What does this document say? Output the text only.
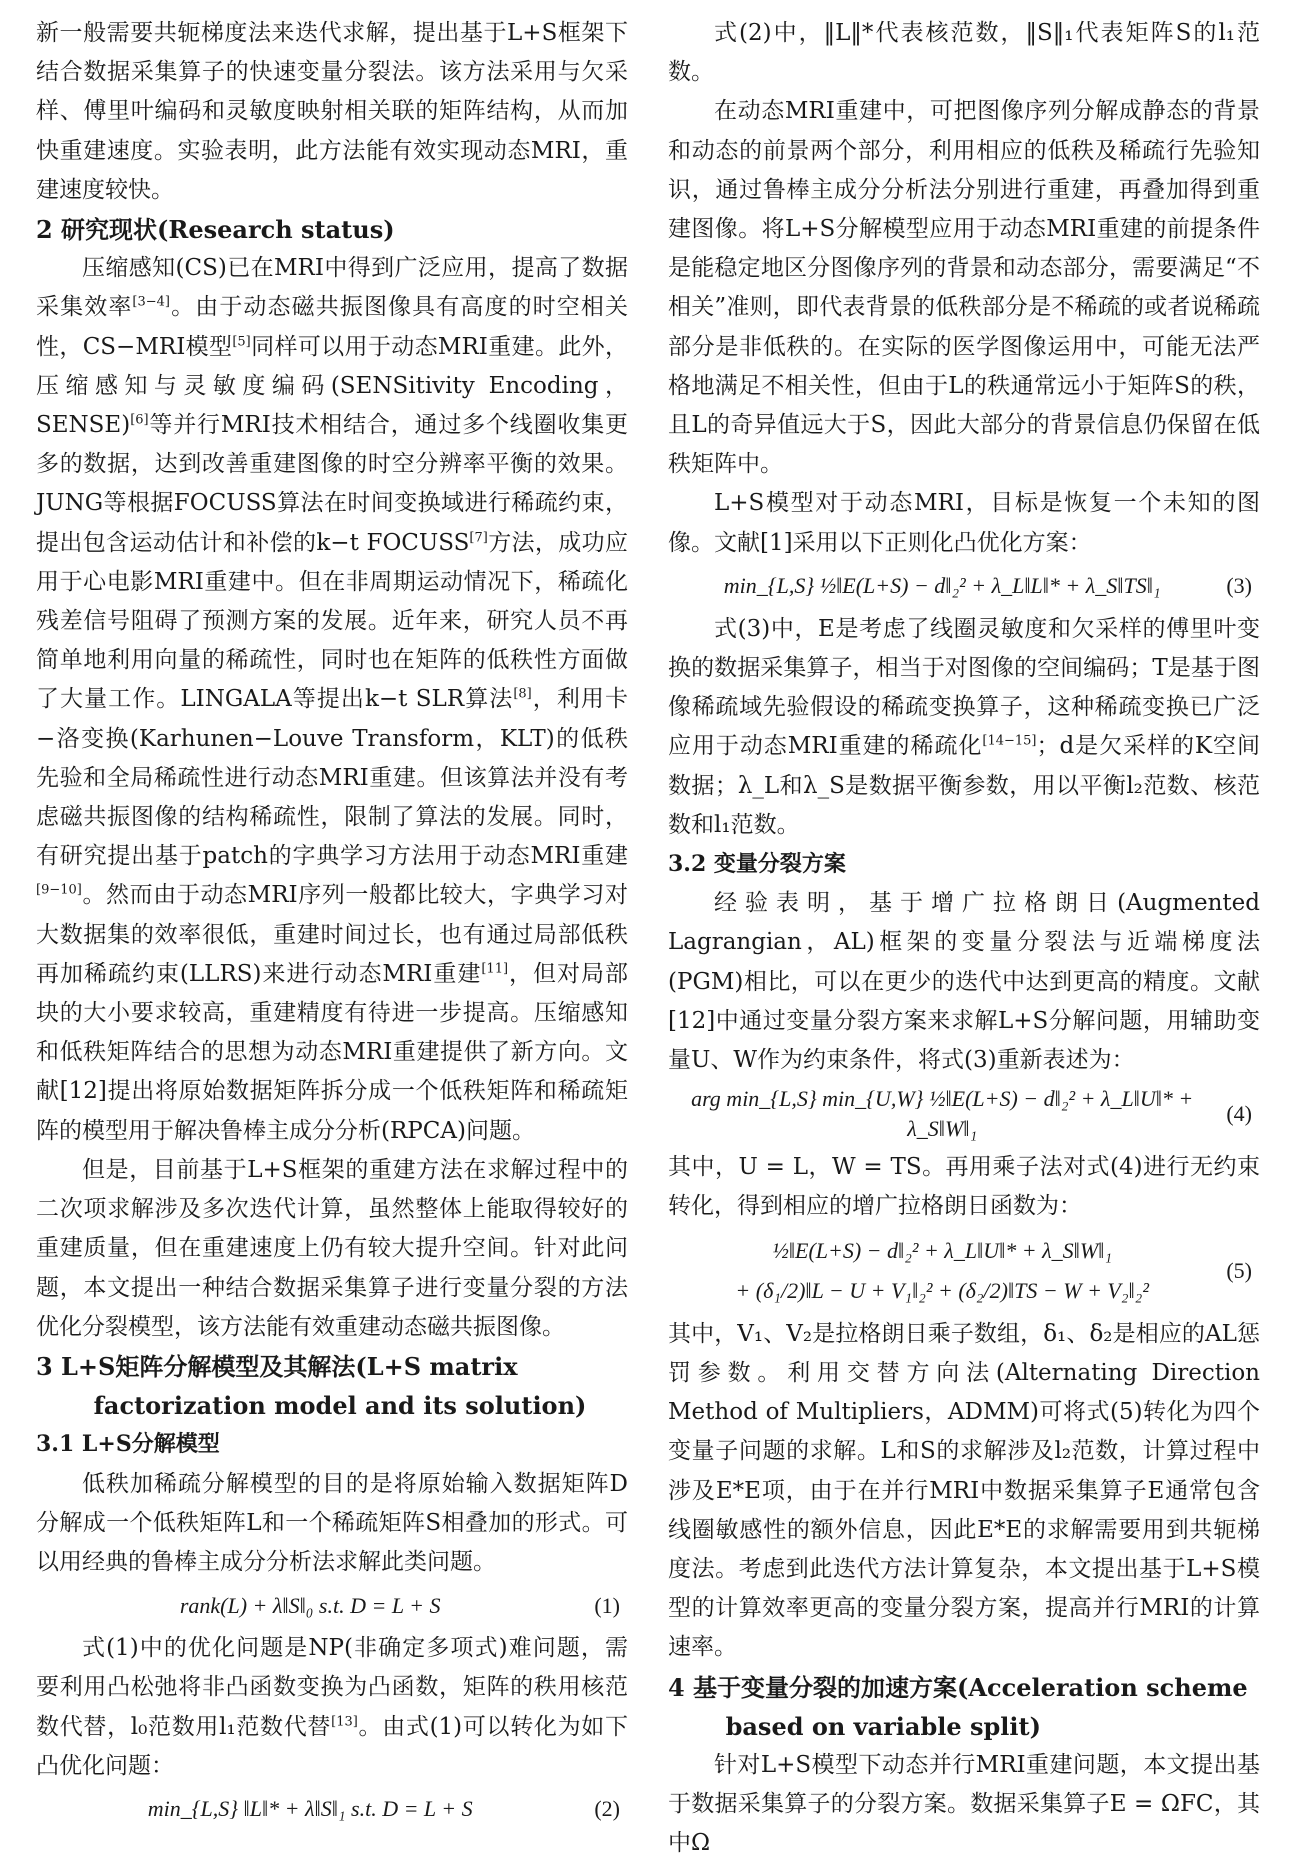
新一般需要共轭梯度法来迭代求解，提出基于L+S框架下结合数据采集算子的快速变量分裂法。该方法采用与欠采样、傅里叶编码和灵敏度映射相关联的矩阵结构，从而加快重建速度。实验表明，此方法能有效实现动态MRI，重建速度较快。

2 研究现状(Research status)

压缩感知(CS)已在MRI中得到广泛应用，提高了数据采集效率[3−4]。由于动态磁共振图像具有高度的时空相关性，CS−MRI模型[5]同样可以用于动态MRI重建。此外，压缩感知与灵敏度编码(SENSitivity Encoding，SENSE)[6]等并行MRI技术相结合，通过多个线圈收集更多的数据，达到改善重建图像的时空分辨率平衡的效果。JUNG等根据FOCUSS算法在时间变换域进行稀疏约束，提出包含运动估计和补偿的k−t FOCUSS[7]方法，成功应用于心电影MRI重建中。但在非周期运动情况下，稀疏化残差信号阻碍了预测方案的发展。近年来，研究人员不再简单地利用向量的稀疏性，同时也在矩阵的低秩性方面做了大量工作。LINGALA等提出k−t SLR算法[8]，利用卡−洛变换(Karhunen−Louve Transform，KLT)的低秩先验和全局稀疏性进行动态MRI重建。但该算法并没有考虑磁共振图像的结构稀疏性，限制了算法的发展。同时，有研究提出基于patch的字典学习方法用于动态MRI重建[9−10]。然而由于动态MRI序列一般都比较大，字典学习对大数据集的效率很低，重建时间过长，也有通过局部低秩再加稀疏约束(LLRS)来进行动态MRI重建[11]，但对局部块的大小要求较高，重建精度有待进一步提高。压缩感知和低秩矩阵结合的思想为动态MRI重建提供了新方向。文献[12]提出将原始数据矩阵拆分成一个低秩矩阵和稀疏矩阵的模型用于解决鲁棒主成分分析(RPCA)问题。

但是，目前基于L+S框架的重建方法在求解过程中的二次项求解涉及多次迭代计算，虽然整体上能取得较好的重建质量，但在重建速度上仍有较大提升空间。针对此问题，本文提出一种结合数据采集算子进行变量分裂的方法优化分裂模型，该方法能有效重建动态磁共振图像。

3 L+S矩阵分解模型及其解法(L+S matrix factorization model and its solution)
3.1 L+S分解模型

低秩加稀疏分解模型的目的是将原始输入数据矩阵D分解成一个低秩矩阵L和一个稀疏矩阵S相叠加的形式。可以用经典的鲁棒主成分分析法求解此类问题。

rank(L) + λ‖S‖₀ s.t. D = L + S	(1)

式(1)中的优化问题是NP(非确定多项式)难问题，需要利用凸松弛将非凸函数变换为凸函数，矩阵的秩用核范数代替，l₀范数用l₁范数代替[13]。由式(1)可以转化为如下凸优化问题：

min_{L,S} ‖L‖* + λ‖S‖₁ s.t. D = L + S	(2)

式(2)中，‖L‖*代表核范数，‖S‖₁代表矩阵S的l₁范数。

在动态MRI重建中，可把图像序列分解成静态的背景和动态的前景两个部分，利用相应的低秩及稀疏行先验知识，通过鲁棒主成分分析法分别进行重建，再叠加得到重建图像。将L+S分解模型应用于动态MRI重建的前提条件是能稳定地区分图像序列的背景和动态部分，需要满足“不相关”准则，即代表背景的低秩部分是不稀疏的或者说稀疏部分是非低秩的。在实际的医学图像运用中，可能无法严格地满足不相关性，但由于L的秩通常远小于矩阵S的秩，且L的奇异值远大于S，因此大部分的背景信息仍保留在低秩矩阵中。

L+S模型对于动态MRI，目标是恢复一个未知的图像。文献[1]采用以下正则化凸优化方案：

min_{L,S} ½‖E(L+S) − d‖₂² + λ_L‖L‖* + λ_S‖TS‖₁	(3)

式(3)中，E是考虑了线圈灵敏度和欠采样的傅里叶变换的数据采集算子，相当于对图像的空间编码；T是基于图像稀疏域先验假设的稀疏变换算子，这种稀疏变换已广泛应用于动态MRI重建的稀疏化[14−15]；d是欠采样的K空间数据；λ_L和λ_S是数据平衡参数，用以平衡l₂范数、核范数和l₁范数。

3.2 变量分裂方案

经验表明，基于增广拉格朗日(Augmented Lagrangian，AL)框架的变量分裂法与近端梯度法(PGM)相比，可以在更少的迭代中达到更高的精度。文献[12]中通过变量分裂方案来求解L+S分解问题，用辅助变量U、W作为约束条件，将式(3)重新表述为：

arg min_{L,S} min_{U,W} ½‖E(L+S) − d‖₂² + λ_L‖U‖* + λ_S‖W‖₁
(4)

其中，U = L，W = TS。再用乘子法对式(4)进行无约束转化，得到相应的增广拉格朗日函数为：

½‖E(L+S) − d‖₂² + λ_L‖U‖* + λ_S‖W‖₁
+ (δ₁/2)‖L − U + V₁‖₂² + (δ₂/2)‖TS − W + V₂‖₂²
(5)

其中，V₁、V₂是拉格朗日乘子数组，δ₁、δ₂是相应的AL惩罚参数。利用交替方向法(Alternating Direction Method of Multipliers，ADMM)可将式(5)转化为四个变量子问题的求解。L和S的求解涉及l₂范数，计算过程中涉及E*E项，由于在并行MRI中数据采集算子E通常包含线圈敏感性的额外信息，因此E*E的求解需要用到共轭梯度法。考虑到此迭代方法计算复杂，本文提出基于L+S模型的计算效率更高的变量分裂方案，提高并行MRI的计算速率。

4 基于变量分裂的加速方案(Acceleration scheme based on variable split)

针对L+S模型下动态并行MRI重建问题，本文提出基于数据采集算子的分裂方案。数据采集算子E = ΩFC，其中Ω
